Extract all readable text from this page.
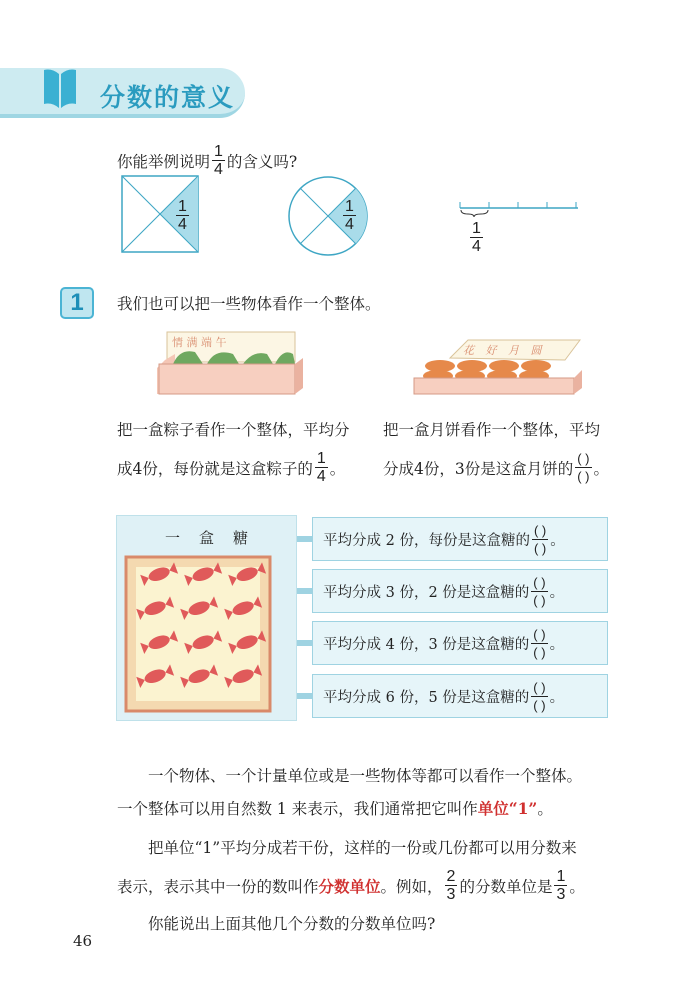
分数的意义
你能举例说明 $\frac{1}{4}$ 的含义吗?
$\frac{1}{4}$	$\frac{1}{4}$
$\frac{1}{4}$
1	我们也可以把一些物体看作一个整体。
情 满 端 午
花 好 月 圆
把一盒粽子看作一个整体，平均分
成4份，每份就是这盒粽子的 $\frac{1}{4}$ 。
把一盒月饼看作一个整体，平均
分成4份，3份是这盒月饼的 $\frac{( )}{( )}$ 。
一　盒　糖	平均分成 2 份，每份是这盒糖的 $\frac{( )}{( )}$ 。
平均分成 3 份，2 份是这盒糖的 $\frac{( )}{( )}$ 。
平均分成 4 份，3 份是这盒糖的 $\frac{( )}{( )}$ 。
平均分成 6 份，5 份是这盒糖的 $\frac{( )}{( )}$ 。

一个物体、一个计量单位或是一些物体等都可以看作一个整体。

一个整体可以用自然数 1 来表示，我们通常把它叫作 单位“1” 。

把单位“1”平均分成若干份，这样的一份或几份都可以用分数来

表示，表示其中一份的数叫作 分数单位 。例如， $\frac{2}{3}$ 的分数单位是 $\frac{1}{3}$ 。

你能说出上面其他几个分数的分数单位吗?

46
